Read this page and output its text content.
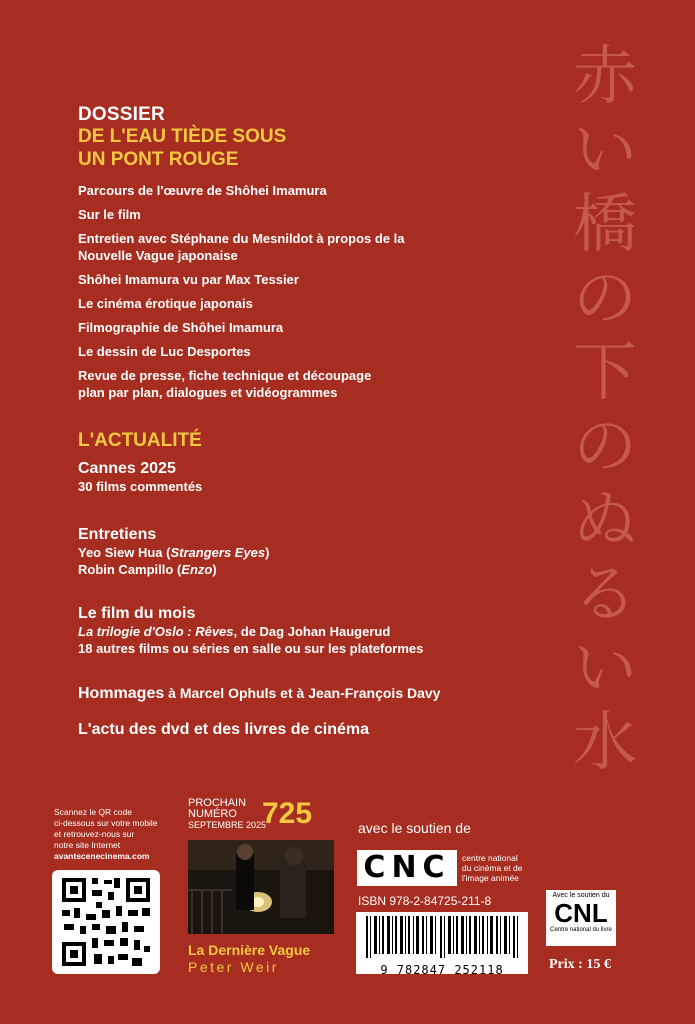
赤
い
橋
の
下
の
ぬ
る
い
水
DOSSIER
DE L'EAU TIÈDE SOUS
UN PONT ROUGE
Parcours de l'œuvre de Shôhei Imamura
Sur le film
Entretien avec Stéphane du Mesnildot à propos de la Nouvelle Vague japonaise
Shôhei Imamura vu par Max Tessier
Le cinéma érotique japonais
Filmographie de Shôhei Imamura
Le dessin de Luc Desportes
Revue de presse, fiche technique et découpage plan par plan, dialogues et vidéogrammes
L'ACTUALITÉ
Cannes 2025
30 films commentés
Entretiens
Yeo Siew Hua (Strangers Eyes)
Robin Campillo (Enzo)
Le film du mois
La trilogie d'Oslo : Rêves, de Dag Johan Haugerud
18 autres films ou séries en salle ou sur les plateformes
Hommages à Marcel Ophuls et à Jean-François Davy
L'actu des dvd et des livres de cinéma
Scannez le QR code
ci-dessous sur votre mobile
et retrouvez-nous sur
notre site Internet
avantscenecinema.com
PROCHAIN
NUMÉRO
SEPTEMBRE 2025
725
La Dernière Vague
Peter Weir
avec le soutien de
CNC	centre national
du cinéma et de
l'image animée
ISBN 978-2-84725-211-8
9 782847 252118
Avec le soutien du
CNL
Centre national du livre
Prix : 15 €
